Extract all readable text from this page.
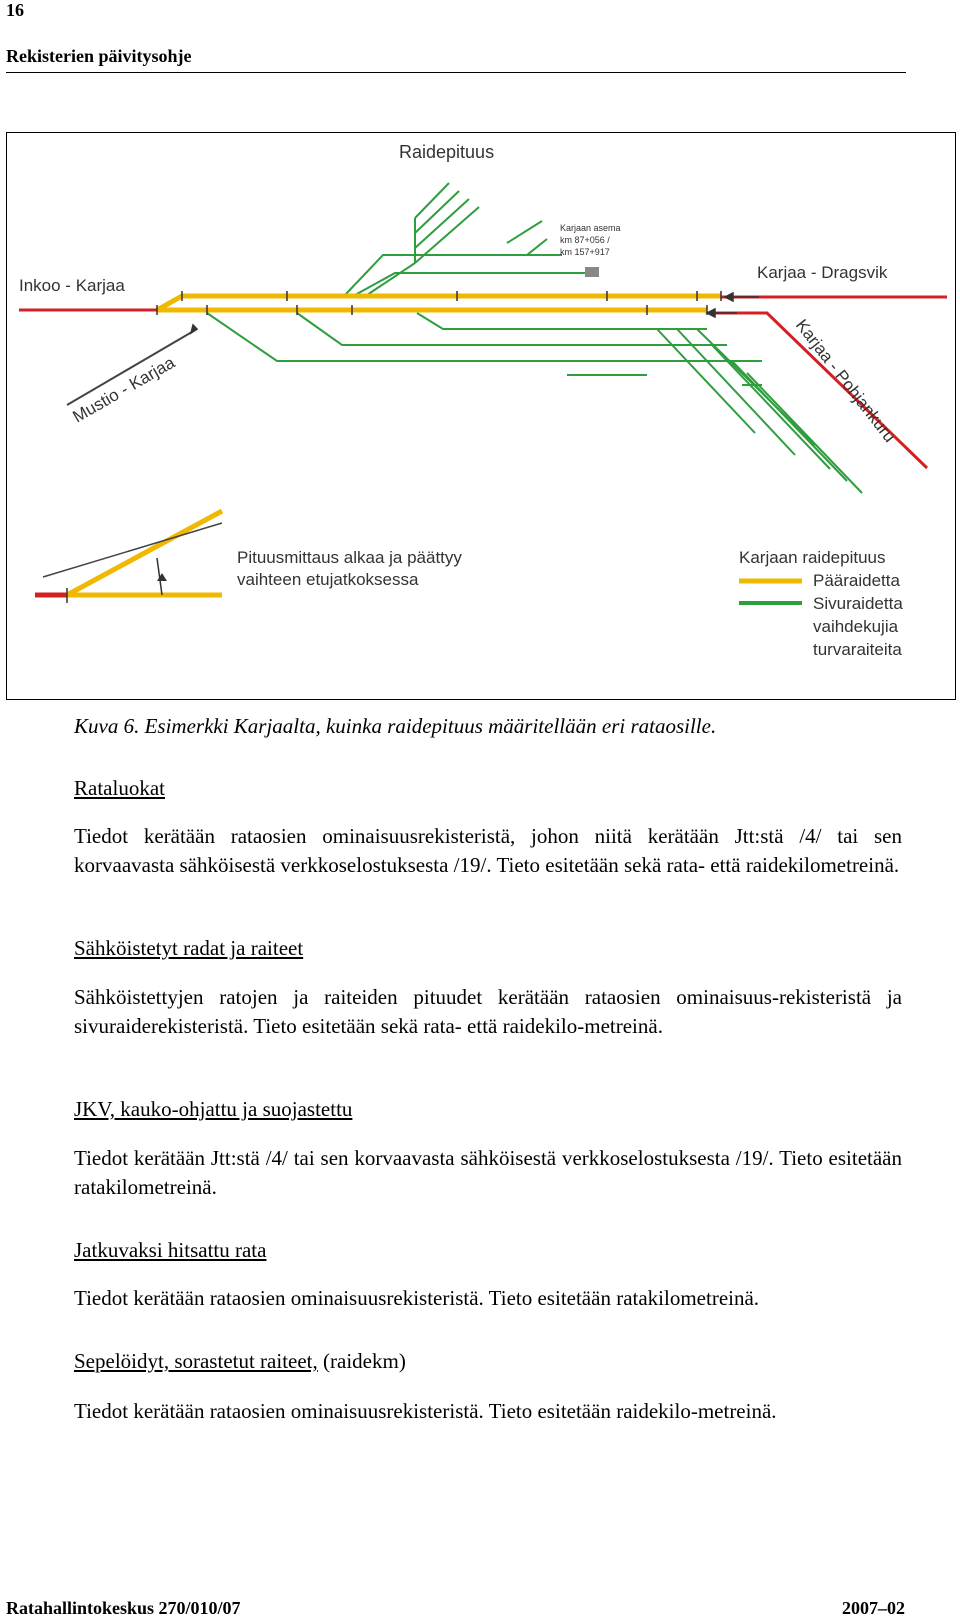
16
Rekisterien päivitysohje
Raidepituus
Karjaan asema
km 87+056 /
km 157+917
Inkoo - Karjaa
Karjaa - Dragsvik
Mustio - Karjaa	Karjaa - Pohjankuru
Pituusmittaus alkaa ja päättyy
vaihteen etujatkoksessa
Karjaan raidepituus
Pääraidetta
Sivuraidetta
vaihdekujia
turvaraiteita
Kuva 6. Esimerkki Karjaalta, kuinka raidepituus määritellään eri rataosille.
Rataluokat

Tiedot kerätään rataosien ominaisuusrekisteristä, johon niitä kerätään Jtt:stä /4/ tai sen korvaavasta sähköisestä verkkoselostuksesta /19/. Tieto esitetään sekä rata- että raidekilometreinä.

Sähköistetyt radat ja raiteet

Sähköistettyjen ratojen ja raiteiden pituudet kerätään rataosien ominaisuus-rekisteristä ja sivuraiderekisteristä. Tieto esitetään sekä rata- että raidekilo-metreinä.

JKV, kauko-ohjattu ja suojastettu

Tiedot kerätään Jtt:stä /4/ tai sen korvaavasta sähköisestä verkkoselostuksesta /19/. Tieto esitetään ratakilometreinä.

Jatkuvaksi hitsattu rata

Tiedot kerätään rataosien ominaisuusrekisteristä. Tieto esitetään ratakilometreinä.

Sepelöidyt, sorastetut raiteet, (raidekm)

Tiedot kerätään rataosien ominaisuusrekisteristä. Tieto esitetään raidekilo-metreinä.

Ratahallintokeskus 270/010/07	2007–02
